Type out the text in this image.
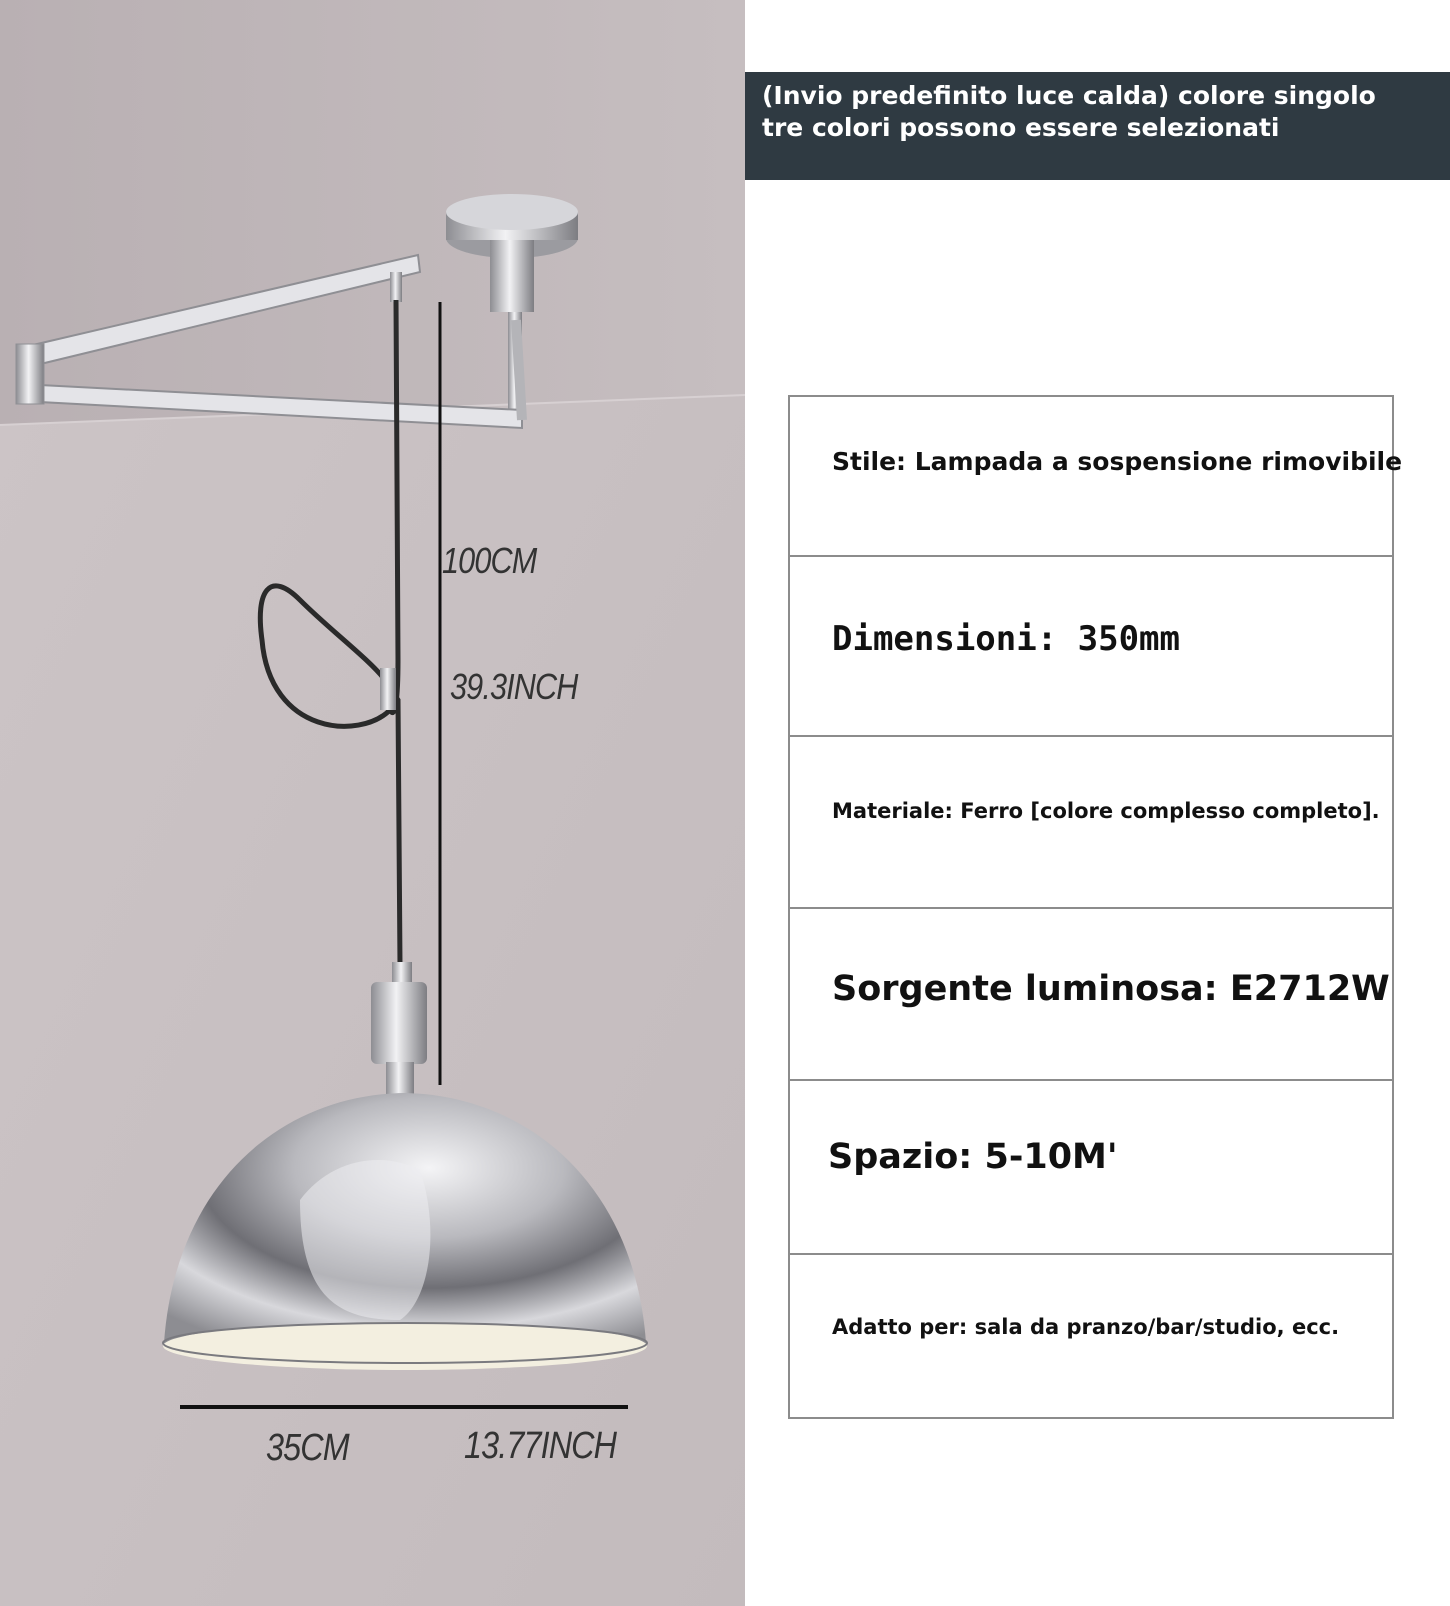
100CM
39.3INCH
35CM	13.77INCH
(Invio predefinito luce calda) colore singolo tre colori possono essere selezionati
Stile: Lampada a sospensione rimovibile
Dimensioni: 350mm
Materiale: Ferro [colore complesso completo].
Sorgente luminosa: E2712W
Spazio: 5-10M'
Adatto per: sala da pranzo/bar/studio, ecc.
